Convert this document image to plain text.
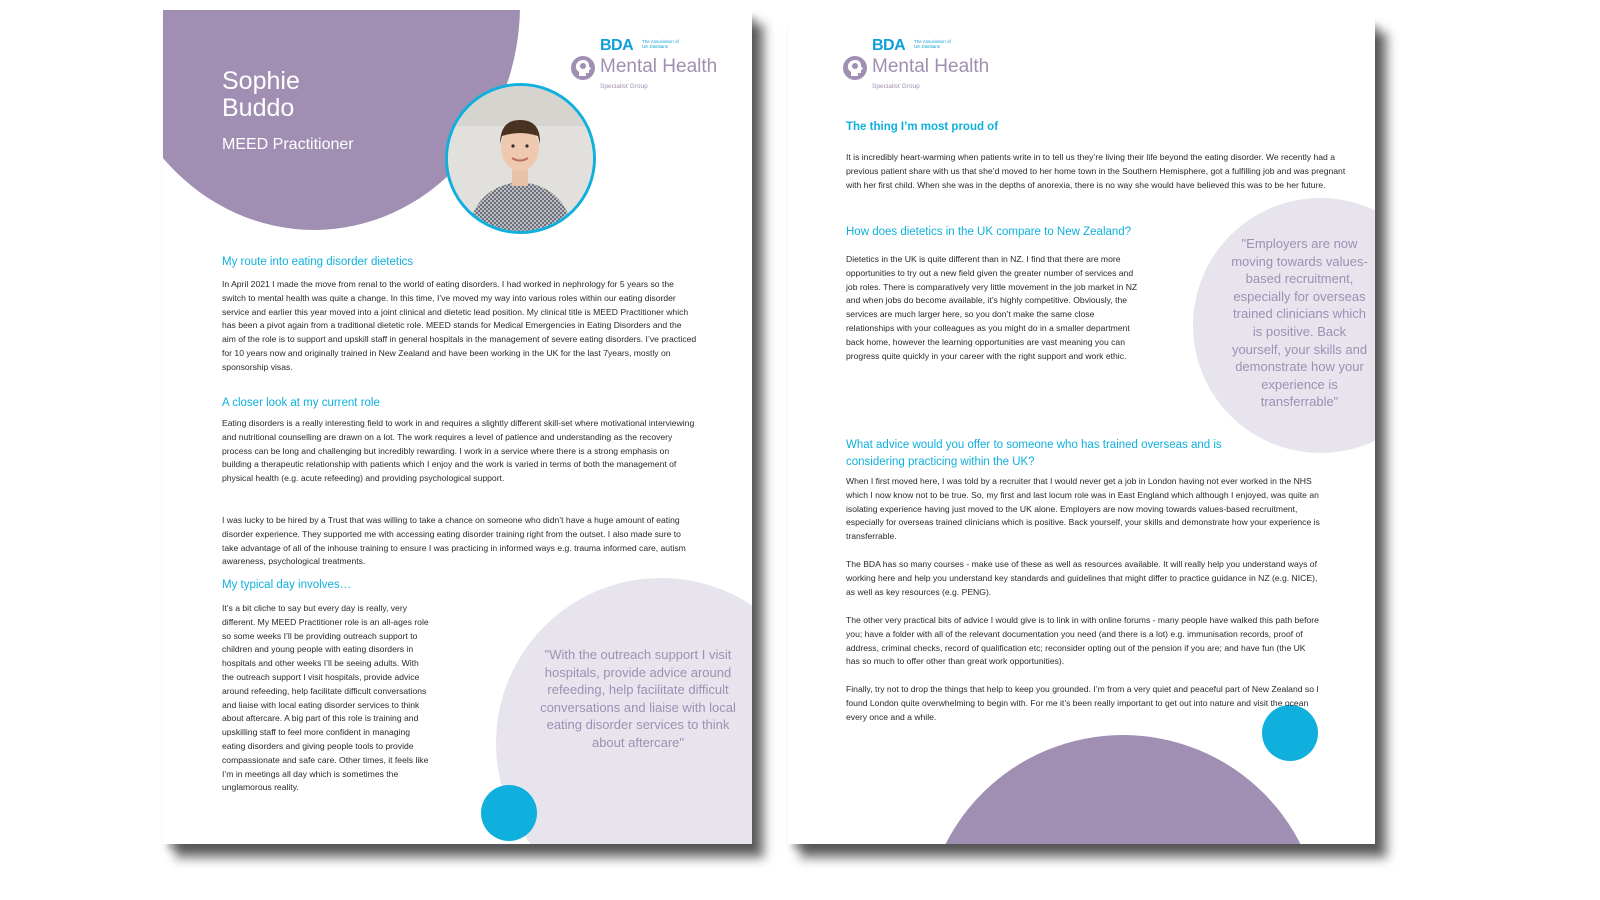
Sophie
Buddo
MEED Practitioner
BDA The Association of UK Dietitians
Mental Health
Specialist Group
My route into eating disorder dietetics
In April 2021 I made the move from renal to the world of eating disorders. I had worked in nephrology for 5 years so the switch to mental health was quite a change. In this time, I’ve moved my way into various roles within our eating disorder service and earlier this year moved into a joint clinical and dietetic lead position. My clinical title is MEED Practitioner which has been a pivot again from a traditional dietetic role. MEED stands for Medical Emergencies in Eating Disorders and the aim of the role is to support and upskill staff in general hospitals in the management of severe eating disorders. I’ve practiced for 10 years now and originally trained in New Zealand and have been working in the UK for the last 7years, mostly on sponsorship visas.
A closer look at my current role
Eating disorders is a really interesting field to work in and requires a slightly different skill-set where motivational interviewing and nutritional counselling are drawn on a lot. The work requires a level of patience and understanding as the recovery process can be long and challenging but incredibly rewarding. I work in a service where there is a strong emphasis on building a therapeutic relationship with patients which I enjoy and the work is varied in terms of both the management of physical health (e.g. acute refeeding) and providing psychological support.
I was lucky to be hired by a Trust that was willing to take a chance on someone who didn’t have a huge amount of eating disorder experience. They supported me with accessing eating disorder training right from the outset. I also made sure to take advantage of all of the inhouse training to ensure I was practicing in informed ways e.g. trauma informed care, autism awareness, psychological treatments.
My typical day involves…
It’s a bit cliche to say but every day is really, very different. My MEED Practitioner role is an all-ages role so some weeks I’ll be providing outreach support to children and young people with eating disorders in hospitals and other weeks I’ll be seeing adults. With the outreach support I visit hospitals, provide advice around refeeding, help facilitate difficult conversations and liaise with local eating disorder services to think about aftercare. A big part of this role is training and upskilling staff to feel more confident in managing eating disorders and giving people tools to provide compassionate and safe care. Other times, it feels like I’m in meetings all day which is sometimes the unglamorous reality.
"With the outreach support I visit hospitals, provide advice around refeeding, help facilitate difficult conversations and liaise with local eating disorder services to think about aftercare"
BDA The Association of UK Dietitians
Mental Health
Specialist Group
The thing I’m most proud of
It is incredibly heart-warming when patients write in to tell us they’re living their life beyond the eating disorder. We recently had a previous patient share with us that she’d moved to her home town in the Southern Hemisphere, got a fulfilling job and was pregnant with her first child. When she was in the depths of anorexia, there is no way she would have believed this was to be her future.
How does dietetics in the UK compare to New Zealand?
Dietetics in the UK is quite different than in NZ. I find that there are more opportunities to try out a new field given the greater number of services and job roles. There is comparatively very little movement in the job market in NZ and when jobs do become available, it’s highly competitive. Obviously, the services are much larger here, so you don’t make the same close relationships with your colleagues as you might do in a smaller department back home, however the learning opportunities are vast meaning you can progress quite quickly in your career with the right support and work ethic.
What advice would you offer to someone who has trained overseas and is considering practicing within the UK?
When I first moved here, I was told by a recruiter that I would never get a job in London having not ever worked in the NHS which I now know not to be true. So, my first and last locum role was in East England which although I enjoyed, was quite an isolating experience having just moved to the UK alone. Employers are now moving towards values-based recruitment, especially for overseas trained clinicians which is positive. Back yourself, your skills and demonstrate how your experience is transferrable.
The BDA has so many courses - make use of these as well as resources available. It will really help you understand ways of working here and help you understand key standards and guidelines that might differ to practice guidance in NZ (e.g. NICE), as well as key resources (e.g. PENG).
The other very practical bits of advice I would give is to link in with online forums - many people have walked this path before you; have a folder with all of the relevant documentation you need (and there is a lot) e.g. immunisation records, proof of address, criminal checks, record of qualification etc; reconsider opting out of the pension if you are; and have fun (the UK has so much to offer other than great work opportunities).
Finally, try not to drop the things that help to keep you grounded. I’m from a very quiet and peaceful part of New Zealand so I found London quite overwhelming to begin with. For me it’s been really important to get out into nature and visit the ocean every once and a while.
"Employers are now moving towards values-based recruitment, especially for overseas trained clinicians which is positive. Back yourself, your skills and demonstrate how your experience is transferrable"
